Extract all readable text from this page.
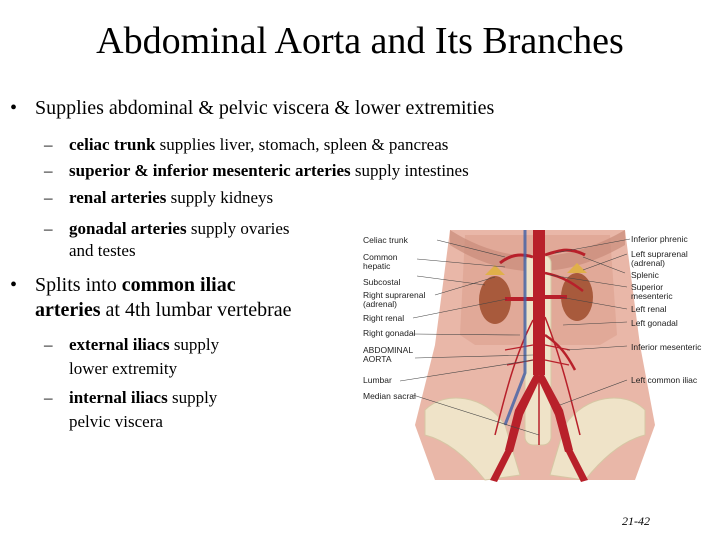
Abdominal Aorta and Its Branches
• Supplies abdominal & pelvic viscera & lower extremities
– celiac trunk supplies liver, stomach, spleen & pancreas
– superior & inferior mesenteric arteries supply intestines
– renal arteries supply kidneys
– gonadal arteries supply ovaries
and testes
• Splits into common iliac
arteries at 4th lumbar vertebrae
– external iliacs supply
lower extremity
– internal iliacs supply
pelvic viscera
Celiac trunk
Common
hepatic
Subcostal
Right suprarenal
(adrenal)
Right renal
Right gonadal
ABDOMINAL
AORTA
Lumbar
Median sacral
Inferior phrenic
Left suprarenal
(adrenal)
Splenic
Superior
mesenteric
Left renal
Left gonadal
Inferior mesenteric
Left common iliac
21-42
